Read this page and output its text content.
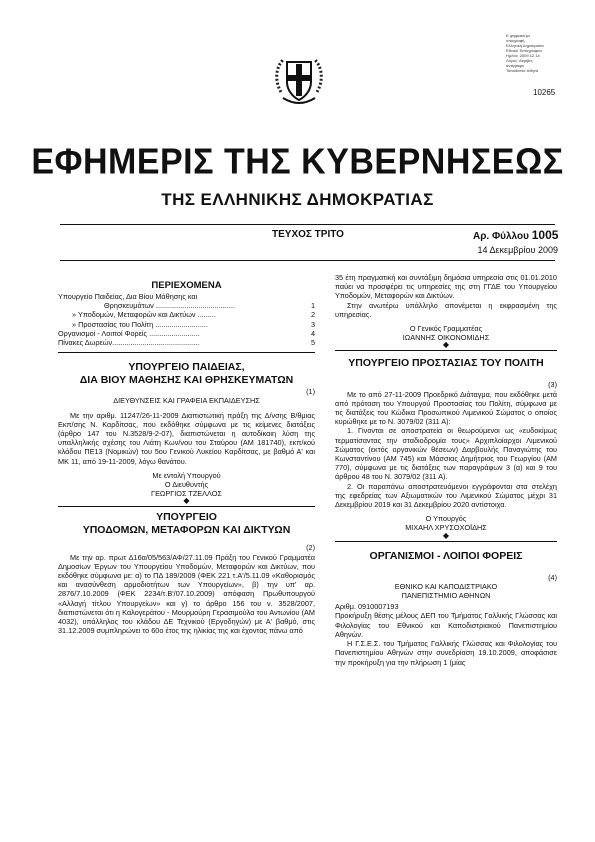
Ε ψηφιακά μέ
υπογραφή
Ελληνική Δημοκρατία
Εθνικό Τυπογραφείο
Ημ/νία: 2009.12.14
Λόγος: Ακριβές
αντίγραφο
Τοποθεσία: Αθήνα
10265
ΕΦΗΜΕΡΙΣ ΤΗΣ ΚΥΒΕΡΝΗΣΕΩΣ
ΤΗΣ ΕΛΛΗΝΙΚΗΣ ΔΗΜΟΚΡΑΤΙΑΣ
ΤΕΥΧΟΣ ΤΡΙΤΟ	Αρ. Φύλλου 1005
14 Δεκεμβρίου 2009
ΠΕΡΙΕΧΟΜΕΝΑ
Υπουργείο Παιδείας, Δια Βίου Μάθησης και
Θρησκευμάτων .......................................	1
» Υποδομών, Μεταφορών και Δικτύων .........	2
» Προστασίας του Πολίτη ..........................	3
Οργανισμοί - Λοιποί Φορείς .........................	4
Πίνακες Δωρεών...........................................	5
ΥΠΟΥΡΓΕΙΟ ΠΑΙΔΕΙΑΣ,
ΔΙΑ ΒΙΟΥ ΜΑΘΗΣΗΣ ΚΑΙ ΘΡΗΣΚΕΥΜΑΤΩΝ
(1)
ΔΙΕΥΘΥΝΣΕΙΣ ΚΑΙ ΓΡΑΦΕΙΑ ΕΚΠΑΙΔΕΥΣΗΣ

Με την αριθμ. 11247/26-11-2009 Διαπιστωτική πράξη της Δ/νσης Β/θμιας Εκπ/σης Ν. Καρδίτσας, που εκδόθηκε σύμφωνα με τις κείμενες διατάξεις (άρθρο 147 του Ν.3528/9-2-07), διαπιστώνεται η αυτοδίκαιη λύση της υπαλληλικής σχέσης του Λιάτη Κων/νου του Σταύρου (ΑΜ 181740), εκπ/κού κλάδου ΠΕ13 (Νομικών) του 5ου Γενικού Λυκείου Καρδίτσας, με βαθμό Α' και ΜΚ 11, από 19-11-2009, λόγω θανάτου.

Με εντολή Υπουργού
Ο Διευθυντής
ΓΕΩΡΓΙΟΣ ΤΖΕΛΛΟΣ
◆
ΥΠΟΥΡΓΕΙΟ
ΥΠΟΔΟΜΩΝ, ΜΕΤΑΦΟΡΩΝ ΚΑΙ ΔΙΚΤΥΩΝ
(2)

Με την αρ. πρωτ Δ16α/05/563/ΑΦ/27.11.09 Πράξη του Γενικού Γραμματέα Δημοσίων Έργων του Υπουργείου Υποδομών, Μεταφορών και Δικτύων, που εκδόθηκε σύμφωνα με: α) το ΠΔ 189/2009 (ΦΕΚ 221 τ.Α'/5.11.09 «Καθορισμός και ανασύνθεση αρμοδιοτήτων των Υπουργείων», β) την υπ' αρ. 2876/7.10.2009 (ΦΕΚ 2234/τ.Β'/07.10.2009) απόφαση Πρωθυπουργού «Αλλαγή τίτλου Υπουργείων» και γ) το άρθρο 156 του ν. 3528/2007, διαπιστώνεται ότι η Καλογεράτου - Μουρμούρη Γερασιμούλα του Αντωνίου (ΑΜ 4032), υπάλληλος του κλάδου ΔΕ Τεχνικού (Εργοδηγών) με Α' βαθμό, στις 31.12.2009 συμπληρώνει το 60ο έτος της ηλικίας της και έχοντας πάνω από

35 έτη πραγματική και συντάξιμη δημόσια υπηρεσία στις 01.01.2010 παύει να προσφέρει τις υπηρεσίες της στη ΓΓΔΕ του Υπουργείου Υποδομών, Μεταφορών και Δικτύων.

Στην ανωτέρω υπάλληλο απονέμεται η εκφρασμένη της υπηρεσίας.

Ο Γενικός Γραμματέας
ΙΩΑΝΝΗΣ ΟΙΚΟΝΟΜΙΔΗΣ
◆
ΥΠΟΥΡΓΕΙΟ ΠΡΟΣΤΑΣΙΑΣ ΤΟΥ ΠΟΛΙΤΗ
(3)

Με το από 27-11-2009 Προεδρικό Διάταγμα, που εκδόθηκε μετά από πρόταση του Υπουργού Προστασίας του Πολίτη, σύμφωνα με τις διατάξεις του Κώδικα Προσωπικού Λιμενικού Σώματος ο οποίος κυρώθηκε με το Ν. 3079/02 (311 Α):

1. Γίνονται σε αποστρατεία οι θεωρούμενοι ως «ευδοκίμως τερματίσαντας την σταδιοδρομία τους» Αρχιπλοίαρχοι Λιμενικού Σώματος (εκτός οργανικών θέσεων) Δαρβουλής Παναγιώτης του Κωνσταντίνου (ΑΜ 745) και Μάσσιας Δημήτριος του Γεωργίου (ΑΜ 770), σύμφωνα με τις διατάξεις των παραγράφων 3 (α) και 9 του άρθρου 48 του Ν. 3079/02 (311 Α).

2. Οι παραπάνω αποστρατευόμενοι εγγράφονται στα στελέχη της εφεδρείας των Αξιωματικών του Λιμενικού Σώματος μέχρι 31 Δεκεμβρίου 2019 και 31 Δεκεμβρίου 2020 αντίστοιχα.

Ο Υπουργός
ΜΙΧΑΗΛ ΧΡΥΣΟΧΟΪΔΗΣ
◆
ΟΡΓΑΝΙΣΜΟΙ - ΛΟΙΠΟΙ ΦΟΡΕΙΣ
(4)
ΕΘΝΙΚΟ ΚΑΙ ΚΑΠΟΔΙΣΤΡΙΑΚΟ
ΠΑΝΕΠΙΣΤΗΜΙΟ ΑΘΗΝΩΝ
Αριθμ. 0910007193

Προκήρυξη θέσης μέλους ΔΕΠ του Τμήματος Γαλλικής Γλώσσας και Φιλολογίας του Εθνικού και Καποδιστριακού Πανεπιστημίου Αθηνών.

Η Γ.Σ.Ε.Σ. του Τμήματος Γαλλικής Γλώσσας και Φιλολογίας του Πανεπιστημίου Αθηνών στην συνεδρίαση 19.10.2009, αποφάσισε την προκήρυξη για την πλήρωση 1 (μίας
